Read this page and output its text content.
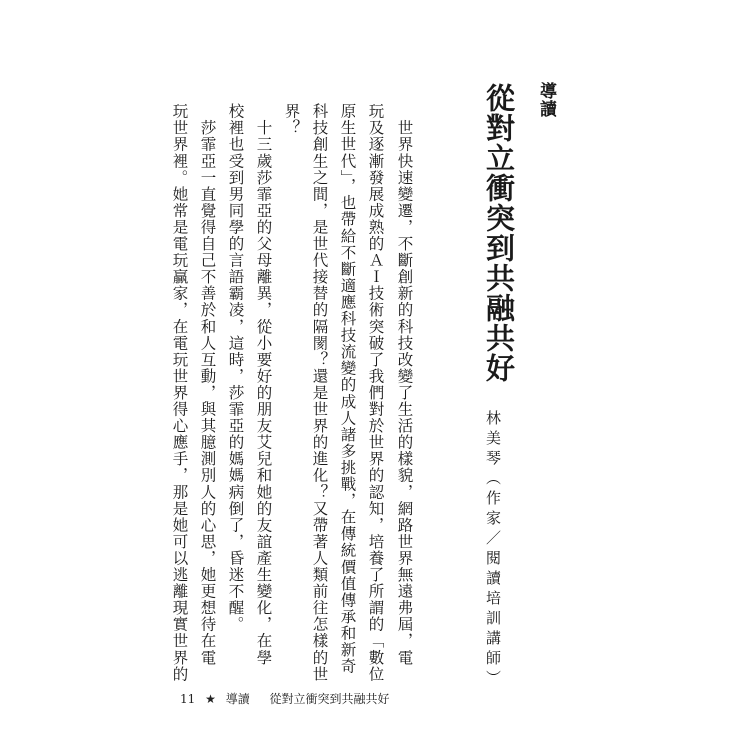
導讀
從對立衝突到共融共好
林美琴（作家／閱讀培訓講師）
　世界快速變遷，不斷創新的科技改變了生活的樣貌，網路世界無遠弗屆，電
玩及逐漸發展成熟的ＡＩ技術突破了我們對於世界的認知，培養了所謂的「數位
原生世代」，也帶給不斷適應科技流變的成人諸多挑戰，在傳統價值傳承和新奇
科技創生之間，是世代接替的隔閡？還是世界的進化？又帶著人類前往怎樣的世
界？
　十三歲莎霏亞的父母離異，從小要好的朋友艾兒和她的友誼產生變化，在學
校裡也受到男同學的言語霸凌，這時，莎霏亞的媽媽病倒了，昏迷不醒。
　莎霏亞一直覺得自己不善於和人互動，與其臆測別人的心思，她更想待在電
玩世界裡。她常是電玩贏家，在電玩世界得心應手，那是她可以逃離現實世界的
11 ★ 導讀 從對立衝突到共融共好
